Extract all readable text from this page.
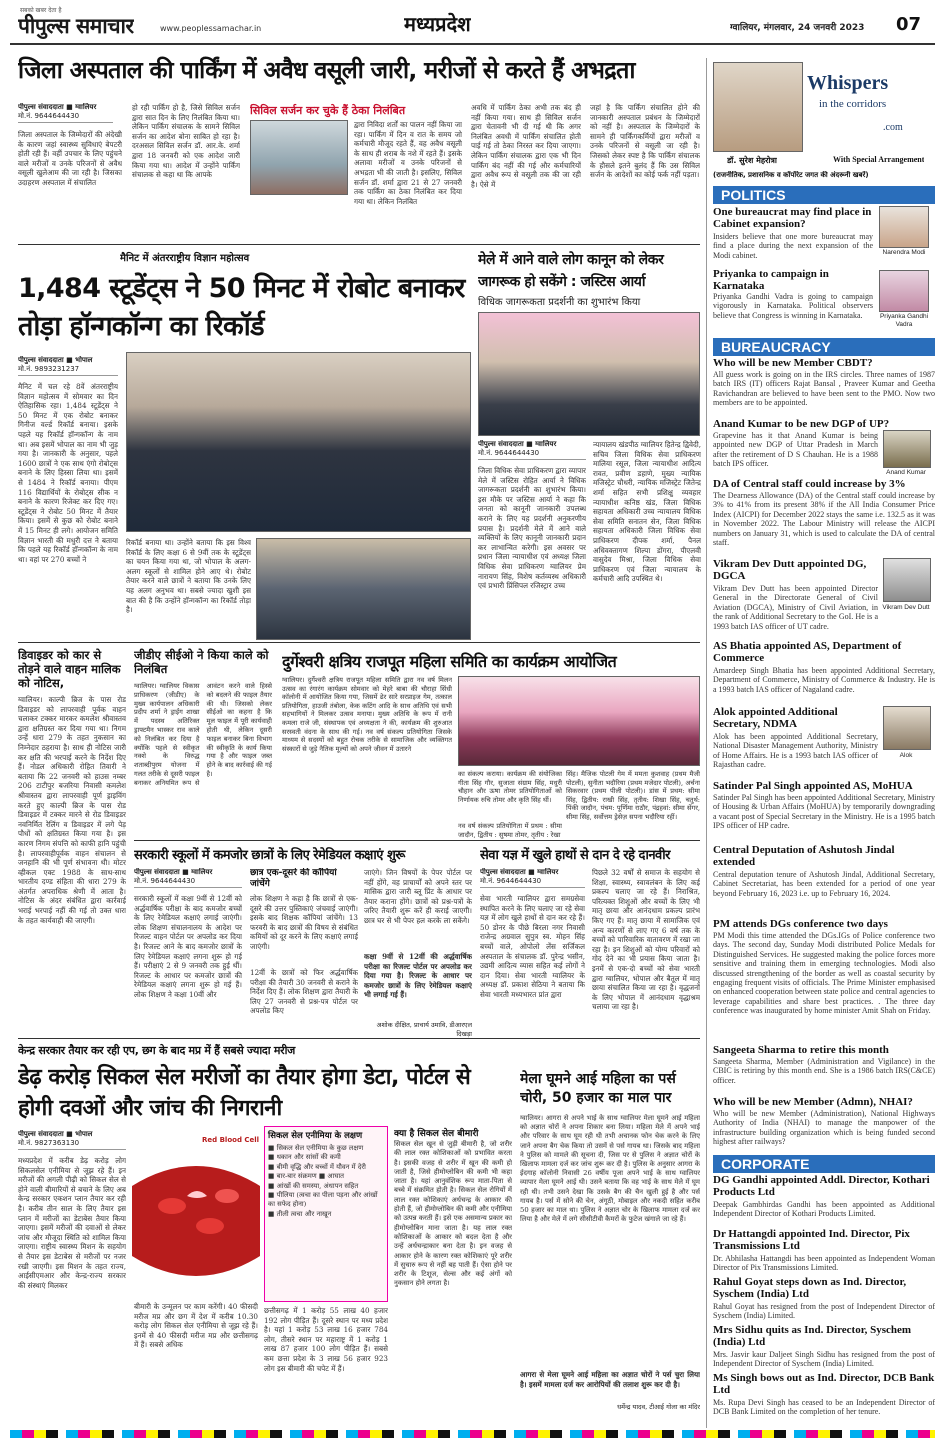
सबको खबर देता है
पीपुल्स समाचार	www.peoplessamachar.in	मध्यप्रदेश	ग्वालियर, मंगलवार, 24 जनवरी 2023 07
जिला अस्पताल की पार्किंग में अवैध वसूली जारी, मरीजों से करते हैं अभद्रता
पीपुल्स संवाददाता ■ ग्वालियर
मो.नं. 9644644430
जिला अस्पताल के जिम्मेदारों की अंदेखी के कारण जहां स्वास्थ्य सुविधाएं बेपटरी होती रही हैं। वहीं उपचार के लिए पहुंचने वाले मरीजों व उनके परिजनों से अवैध वसूली खुलेआम की जा रही है। जिसका उदाहरण अस्पताल में संचालित
हो रही पार्किंग हो है, जिसे सिविल सर्जन द्वारा सात दिन के लिए निलंबित किया था। लेकिन पार्किंग संचालक के सामने सिविल सर्जन का आदेश बोना साबित हो रहा है। दरअसल सिविल सर्जन डॉ. आर.के. शर्मा द्वारा 18 जनवरी को एक आदेश जारी किया गया था। आदेश में उन्होंने पार्किंग संचालक से कहा था कि आपके
सिविल सर्जन कर चुके हैं ठेका निलंबित
द्वारा निविदा शर्तों का पालन नहीं किया जा रहा। पार्किंग में दिन व रात के समय जो कर्मचारी मौजूद रहते हैं, वह अवैध वसूली के साथ ही शराब के नशे में रहते हैं। इसके अलावा मरीजों व उनके परिजनों से अभद्रता भी की जाती है। इसलिए, सिविल सर्जन डॉ. शर्मा द्वारा 21 से 27 जनवरी तक पार्किंग का ठेका निलंबित कर दिया गया था। लेकिन निलंबित
अवधि में पार्किंग ठेका अभी तक बंद ही नहीं किया गया। साथ ही सिविल सर्जन द्वारा चेतावनी भी दी गई थी कि अगर निलंबित अवधी में पार्किंग संचालित होती पाई गई तो ठेका निरस्त कर दिया जाएगा। लेकिन पार्किंग संचालक द्वारा एक भी दिन पार्किंग बंद नहीं की गई और कर्मचारियों द्वारा अवैध रूप से वसूली तक की जा रही है। ऐसे में
जहां है कि पार्किंग संचालित होने की जानकारी अस्पताल प्रबंधन के जिम्मेदारों को नहीं है। अस्पताल के जिम्मेदारों के सामने ही पार्किंगकर्मियों द्वारा मरीजों व उनके परिजनों से वसूली जा रही है। जिसको लेकर स्पष्ट है कि पार्किंग संचालक के हौसले इतने बुलंद हैं कि उस सिविल सर्जन के आदेशों का कोई फर्क नहीं पड़ता।
मैनिट में अंतरराष्ट्रीय विज्ञान महोत्सव
1,484 स्टूडेंट्स ने 50 मिनट में रोबोट बनाकर तोड़ा हॉन्गकॉन्ग का रिकॉर्ड
पीपुल्स संवाददाता ■ भोपाल
मो.नं. 9893231237
मैनिट में चल रहे 8वें अंतरराष्ट्रीय विज्ञान महोत्सव में सोमवार का दिन ऐतिहासिक रहा। 1,484 स्टूडेंट्स ने 50 मिनट में एक रोबोट बनाकर गिनीज वर्ल्ड रिकॉर्ड बनाया। इसके पहले यह रिकॉर्ड हॉन्गकॉन्ग के नाम था। अब इसमें भोपाल का नाम भी जुड़ गया है। जानकारी के अनुसार, पहले 1600 छात्रों ने एक साथ एंगो रोबोट्स बनाने के लिए हिस्सा लिया था। इसमें से 1484 ने रिकॉर्ड बनाया। पीएम 116 विद्यार्थियों के रोबोट्स सीक न बनाने के कारण रिजेक्ट कर दिए गए। स्टूडेंट्स ने रोबोट 50 मिनट में तैयार किया। इसमें से कुछ को रोबोट बनाने में 15 मिनट ही लगे। आयोजन समिति विज्ञान भारती की मधुरी दत्त ने बताया कि पहले यह रिकॉर्ड हॉन्गकॉन्ग के नाम था। वहां पर 270 बच्चों ने
रिकॉर्ड बनाया था। उन्होंने बताया कि इस विश्व रिकॉर्ड के लिए कक्षा 6 से 9वीं तक के स्टूडेंट्स का चयन किया गया था, जो भोपाल के अलग-अलग स्कूलों से शामिल होने आए थे। रोबोट तैयार करने वाले छात्रों ने बताया कि उनके लिए यह अलग अनुभव था। सबसे ज्यादा खुशी इस बात की है कि उन्होंने हॉन्गकॉन्ग का रिकॉर्ड तोड़ा है।
मेले में आने वाले लोग कानून को लेकर
जागरूक हो सकेंगे : जस्टिस आर्या
विधिक जागरूकता प्रदर्शनी का शुभारंभ किया
पीपुल्स संवाददाता ■ ग्वालियर
मो.नं. 9644644430
जिला विधिक सेवा प्राधिकरण द्वारा व्यापार मेले में जस्टिस रोहित आर्या ने विधिक जागरूकता प्रदर्शनी का शुभारंभ किया। इस मौके पर जस्टिस आर्या ने कहा कि जनता को कानूनी जानकारी उपलब्ध कराने के लिए यह प्रदर्शनी अनुकरणीय प्रयास है। प्रदर्शनी मेले में आने वाले व्यक्तियों के लिए कानूनी जानकारी प्रदान कर लाभान्वित करेगी। इस अवसर पर प्रधान जिला न्यायाधीश एवं अध्यक्ष जिला विधिक सेवा प्राधिकरण ग्वालियर प्रेम नारायण सिंह, विशेष कर्तव्यस्थ अधिकारी एवं प्रभारी प्रिंसिपल रजिस्ट्रार उच्च
न्यायालय खंडपीठ ग्वालियर हितेन्द्र द्विवेदी, सचिव जिला विधिक सेवा प्राधिकरण मालिया रसूल, जिला न्यायाधीश आदित्य रावत, प्रवीण डहाणे, मुख्य न्यायिक मजिस्ट्रेट चौधरी, न्यायिक मजिस्ट्रेट जितेन्द्र शर्मा सहित सभी प्रशिक्षु व्यवहार न्यायाधीश कनिष्ठ खंड, जिला विधिक सहायता अधिकारी उच्च न्यायालय विधिक सेवा समिति सनातन सेन, जिला विधिक सहायता अधिकारी जिला विधिक सेवा प्राधिकरण दीपक शर्मा, पैनल अधिवक्तागण शिल्पा डोंगरा, पीएलवी वासुदेव मिश्रा, जिला विधिक सेवा प्राधिकरण एवं जिला न्यायालय के कर्मचारी आदि उपस्थित थे।
डिवाइडर को कार से तोड़ने वाले वाहन मालिक को नोटिस,
ग्वालियर। काल्पी ब्रिज के पास रोड डिवाइडर को लापरवाही पूर्वक वाहन चलाकर टक्कर मारकर कमलेश श्रीवास्तव द्वारा क्षतिग्रस्त कर दिया गया था। निगम उन्हें धारा 279 के तहत नुकसान का निम्नेदार ठहराया है। साथ ही नोटिस जारी कर क्षति की भरपाई करने के निर्देश दिए हैं। नोडल अधिकारी रोहित तिवारी ने बताया कि 22 जनवरी को हाउस नम्बर 206 टाटीपुर बजरिया निवासी कमलेश श्रीवास्तव द्वारा लापरवाही पूर्ण ड्राइविंग करते हुए काल्पी ब्रिज के पास रोड डिवाइडर में टक्कर मारने से रोड डिवाइडर नवनिर्मित रेलिंग व डिवाइडर में लगे पेड़ पौधों को क्षतिग्रस्त किया गया है। इस कारण निगम संपत्ति को काफी हानि पहुंची है। लापरवाहीपूर्वक वाहन संचालन से जनहानि की भी पूर्ण संभावना थी। मोटर व्हीकल एक्ट 1988 के साथ-साथ भारतीय दण्ड संहिता की धारा 279 के अंतर्गत अपराधिक श्रेणी में आता है। नोटिस के अंदर संबंधित द्वारा कार्रवाई भराई भरपाई नहीं की गई तो उक्त धारा के तहत कार्यवाही की जाएगी।
जीडीए सीईओ ने किया काले को निलंबित
ग्वालियर। ग्वालियर विकास प्राधिकरण (जीडीए) के मुख्य कार्यपालन अधिकारी प्रदीप शर्मा ने ड्राईंग शाखा में पदस्थ अतिरिक्त ड्राफ्टमैन भास्कर राव काले को निलंबित कर दिया है क्योंकि पहले से स्वीकृत नक्शे के विरुद्ध शताब्दीपुरम योजना में गलत तरीके से दूसरी फाइल बनाकर अनियमित रूप से आवंटन करने वाले हिस्से को बदलने की फाइल तैयार की थी। जिसको लेकर सीईओ का कहना है कि मूल फाइल में पूरी कार्यवाही होती थी, लेकिन दूसरी फाइल बनाकर बिना विभाग की स्वीकृति के कार्य किया गया है और फाइल जब्त होने के बाद कार्रवाई की गई है।
दुर्गेश्वरी क्षत्रिय राजपूत महिला समिति का कार्यक्रम आयोजित
ग्वालियर। दुर्गेश्वरी क्षत्रिय राजपूत महिला समिति द्वारा नव वर्ष मिलन उत्सव का रंगारंग कार्यक्रम सोमवार को मेहरे बाबा की चौराहा सिंधी कॉलोनी में आयोजित किया गया, जिसमें ढेर सारे सरप्राइज गेम, तत्काल प्रतियोगिता, हाउजी तंबोला, केक कटिंग आदि के साथ अतिथि एवं सभी सहभागियों ने मिलकर उत्सव मनाया। मुख्य अतिथि के रूप में रानी कमला राजे जी, संस्थापक एवं अध्यक्षता ने की, कार्यक्रम की शुरुआत सरस्वती वंदना के साथ की गई। नव वर्ष संकल्प प्रतियोगिता जिसके माध्यम से सदस्यों को बहुत रोचक तरीके से सामाजिक और व्यक्तिगत संस्कारों से जुड़े नैतिक मूल्यों को अपने जीवन में उतारने
का संकल्प कराया। कार्यक्रम की संयोजिका गीता सिंह गौर, सुजाता संग्राम सिंह, मधुरी चौहान और ऊषा तोमर प्रतियोगिताओं को निर्णायक रुचि तोमर और कृति सिंह थीं।
सिंह। मैजिक पोटली गेम में ममता कुशवाह (प्रथम मैजी पोटली), सुनीता भदौरिया (प्रथम मजेदार पोटली), अर्चना सिकरवार (प्रथम पीली पोटली)। डांस में प्रथम: सीमा सिंह, द्वितीय: राखी सिंह, तृतीय: शिखा सिंह, चतुर्थ: पिंकी जादौन, पंचम: पूर्णिमा राठौर, पंद्रहवां: सीमा सेंगर, सीमा सिंह, सर्वोत्तम ड्रेसेज़ सपना भदौरिया रहीं।
नव वर्ष संकल्प प्रतियोगिता में प्रथम : सीमा जादौन, द्वितीय : सुषमा तोमर, तृतीय : रेखा
सरकारी स्कूलों में कमजोर छात्रों के लिए रेमेडियल कक्षाएं शुरू
पीपुल्स संवाददाता ■ ग्वालियर
मो.नं. 9644644430
सरकारी स्कूलों में कक्षा 9वीं से 12वीं को अर्द्धवार्षिक परीक्षा के बाद कमजोर बच्चों के लिए रेमेडियल कक्षाएं लगाई जाएंगी। लोक शिक्षण संचालनालय के आदेश पर रिजल्ट वाहन पोर्टल पर अपलोड कर दिया है। रिजल्ट आने के बाद कमजोर छात्रों के लिए रेमेडियल कक्षाएं लगना शुरू हो गई हैं। परीक्षाएं 2 से 9 जनवरी तक हुई थीं। रिजल्ट के आधार पर कमजोर छात्रों की रेमेडियल कक्षाएं लगना शुरू हो गई हैं। लोक शिक्षण ने कक्षा 10वीं और
छात्र एक-दूसरे की कॉपियां जांचेंगे
लोक शिक्षण ने कहा है कि छात्रों से एक-दूसरे की उत्तर पुस्तिकाएं जंचवाई जाएंगी। इसके बाद शिक्षक कॉपियां जांचेंगे। 13 फरवरी के बाद छात्रों की विषय से संबंधित कमियों को दूर करने के लिए कक्षाएं लगाई जाएंगी।
12वीं के छात्रों को फिर अर्द्धवार्षिक परीक्षा की तैयारी 30 जनवरी से कराने के निर्देश दिए हैं। लोक शिक्षण द्वारा तैयारी के लिए 27 जनवरी से प्रश्न-पत्र पोर्टल पर अपलोड किए
जाएंगे। जिन विषयों के पेपर पोर्टल पर नहीं होंगे, वह प्राचार्यों को अपने स्तर पर मासिक द्वारा जारी ब्लू प्रिंट के आधार पर तैयार कराना होंगे। छात्रों को प्रश्न-पत्रों के जरिए तैयारी शुरू करें ही कराई जाएगी। छात्र घर से भी पेपर हल करके ला सकेंगे।
कक्षा 9वीं से 12वीं की अर्द्धवार्षिक परीक्षा का रिजल्ट पोर्टल पर अपलोड कर दिया गया है। रिजल्ट के आधार पर कमजोर छात्रों के लिए रेमेडियल कक्षाएं भी लगाई गई हैं।
अशोक दीक्षित, प्राचार्य उमावि, डीआरएल दिखड़ा
सेवा यज्ञ में खुले हाथों से दान दे रहे दानवीर
पीपुल्स संवाददाता ■ ग्वालियर
मो.नं. 9644644430
सेवा भारती ग्वालियर द्वारा समग्रसेवा स्थापित करने के लिए चलाए जा रहे सेवा यज्ञ में लोग खुले हाथों से दान कर रहे हैं। 50 डोनर के पीछे बिरला नगर निवासी राजेन्द्र अग्रवाल सुपुत्र स्व. मोहन सिंह बच्चों वाले, ओपोलो लेंस सर्जिकल अस्पताल के संचालक डॉ. पुरेन्द्र भसीन, उद्यमी आदित्य व्यास सहित कई लोगों ने दान दिया। सेवा भारती ग्वालियर के अध्यक्ष डॉ. प्रकाश सेठिया ने बताया कि सेवा भारती मध्यभारत प्रांत द्वारा
पिछले 32 वर्षों से समाज के सहयोग से शिक्षा, स्वास्थ्य, स्वावलंबन के लिए कई प्रकल्प चलाए जा रहे हैं। निराश्रित, परित्यक्त शिशुओं और बच्चों के लिए भी मातृ छाया और आनंदधाम प्रकल्प प्रारंभ किए गए हैं। मातृ छाया में सामाजिक एवं अन्य कारणों से लाए गए 6 वर्ष तक के बच्चों को पारिवारिक वातावरण में रखा जा रहा है। इन शिशुओं को योग्य परिवारों को गोद देने का भी प्रयास किया जाता है। इनमें से एक-दो बच्चों को सेवा भारती द्वारा ग्वालियर, भोपाल और बैतूल में मातृ छाया संचालित किया जा रहा है। वृद्धजनों के लिए भोपाल में आनंदधाम वृद्धाश्रम चलाया जा रहा है।
केन्द्र सरकार तैयार कर रही एप, छग के बाद मप्र में हैं सबसे ज्यादा मरीज
डेढ़ करोड़ सिकल सेल मरीजों का तैयार होगा डेटा, पोर्टल से होगी दवओं और जांच की निगरानी
पीपुल्स संवाददाता ■ भोपाल
मो.नं. 9827363130
मध्यप्रदेश में करीब डेढ़ करोड़ लोग सिकलसेल एनीमिया से जूझ रहे हैं। इन मरीजों की अगली पीढ़ी को सिकल सेल से होने वाली बीमारियों से बचाने के लिए अब केन्द्र सरकार एकशन प्लान तैयार कर रही है। करीब तीन साल के लिए तैयार इस प्लान में मरीजों का डेटाबेस तैयार किया जाएगा। इसमें मरीजों की दवाओं से लेकर जांच और मौजूदा स्थिति को शामिल किया जाएगा। राष्ट्रीय स्वास्थ्य मिशन के सहयोग से तैयार इस डेटाबेस से मरीजों पर नजर रखी जाएगी। इस मिशन के तहत राज्य, आईसीएमआर और केन्द्र-राज्य सरकार की संस्थाएं मिलकर
Red Blood Cell
बीमारी के उन्मूलन पर काम करेंगी। 40 फीसदी मरीज मप्र और छग में देश में करीब 10.30 करोड़ लोग सिकल सेल एनीमिया से जूझ रहे हैं। इनमें से 40 फीसदी मरीज मप्र और छत्तीसगढ़ में हैं। सबसे अधिक
सिकल सेल एनीमिया के लक्षण
■ सिकल सेल एनीमिया के कुछ लक्षण
■ थकान और सांसों की कमी
■ बीमी वृद्धि और बच्चों में यौवन में देरी
■ बार-बार संक्रमण ■ आघात
■ आंखों की समस्या, अंधापन सहित
■ पीलिया (त्वचा का पीला पड़ना और आंखों का सफेद होना)
■ तीली त्वचा और नाखून
छत्तीसगढ़ में 1 करोड़ 55 लाख 40 हजार 192 लोग पीड़ित हैं। दूसरे स्थान पर मध्य प्रदेश है। यहां 1 करोड़ 53 लाख 16 हजार 784 लोग, तीसरे स्थान पर महाराष्ट्र में 1 करोड़ 1 लाख 87 हजार 100 लोग पीड़ित हैं। सबसे कम छत्ता प्रदेश के 3 लाख 56 हजार 923 लोग इस बीमारी की चपेट में हैं।
क्या है सिकल सेल बीमारी
सिकल सेल खून से जुड़ी बीमारी है, जो शरीर की लाल रक्त कोशिकाओं को प्रभावित करता है। इसकी वजह से शरीर में खून की कमी हो जाती है, जिसे हीमोग्लोबिन की कमी भी कहा जाता है। यहां आनुवंशिक रूप माता-पिता से बच्चे में संक्रमित होती है। सिकल सेल रोगियों में लाल रक्त कोशिकाएं अर्धचन्द्र के आकार की होती हैं, जो हीमोग्लोबिन की कमी और एनीमिया को उत्पन्न करती हैं। इसे एक असमान्य प्रकार का हीमोग्लोबिन माना जाता है। यह लाल रक्त कोशिकाओं के आकार को बदल देता है और उन्हें अर्धचन्द्राकार बना देता है। इन वजह से आकार होने के कारण रक्त कोशिकाएं पूरे शरीर में सुचारु रूप से नहीं बह पाती हैं। ऐसा होने पर शरीर के टिशूज, सेल्स और कई अंगों को नुकसान होने लगता है।
मेला घूमने आई महिला का पर्स चोरी, 50 हजार का माल पार
ग्वालियर। आगरा से अपने भाई के साथ ग्वालियर मेला घूमने आई महिला को अज्ञात चोरों ने अपना शिकार बना लिया। महिला मेले में अपने भाई और परिवार के साथ घूम रही थी तभी अचानक फोन चेक करने के लिए जाने अपना बैग चेक किया तो उसमें से पर्स गायब था। जिसके बाद महिला ने पुलिस को मामले की सूचना दी, जिस पर से पुलिस ने अज्ञात चोरों के खिलाफ मामला दर्ज कर जांच शुरू कर दी है। पुलिस के अनुसार आगरा के ईदगाह कॉलोनी निवासी 26 वर्षीय पूजा अपने भाई के साथ ग्वालियर व्यापार मेला घूमने आई थी। उसने बताया कि वह भाई के साथ मेले में घूम रही थी। तभी उसने देखा कि उसके बैग की चैन खुली हुई है और पर्स गायब है। पर्स में सोने की चेन, अंगूठी, मोबाइल और नकदी सहित करीब 50 हजार का माल था। पुलिस ने अज्ञात चोर के खिलाफ मामला दर्ज कर लिया है और मेले में लगे सीसीटीवी कैमरों के फुटेज खंगाले जा रहे हैं।
आगरा से मेला घूमने आई महिला का अज्ञात चोरों ने पर्स चुरा लिया है। इसमें मामला दर्ज कर आरोपियों की तलाश शुरू कर दी है।
धर्मेन्द्र यादव, टीआई गोला का मंदिर
Whispers
in the corridors
.com
डॉ. सुरेश मेहरोत्रा	With Special Arrangement
(राजनीतिक, प्रशासनिक व कॉर्पोरेट जगत की अंदरूनी खबरें)
POLITICS
One bureaucrat may find place in Cabinet expansion?
Insiders believe that one more bureaucrat may find a place during the next expansion of the Modi cabinet.	Narendra Modi
Priyanka to campaign in Karnataka
Priyanka Gandhi Vadra is going to campaign vigorously in Karnataka. Political observers believe that Congress is winning in Karnataka.	Priyanka Gandhi Vadra
BUREAUCRACY
Who will be new Member CBDT?
All guess work is going on in the IRS circles. Three names of 1987 batch IRS (IT) officers Rajat Bansal , Praveer Kumar and Geetha Ravichandran are believed to have been sent to the PMO. Now two members are to be appointed.
Anand Kumar to be new DGP of UP?
Grapevine has it that Anand Kumar is being appointed new DGP of Uttar Pradesh in March after the retirement of D S Chauhan. He is a 1988 batch IPS officer.
Anand Kumar
DA of Central staff could increase by 3%
The Dearness Allowance (DA) of the Central staff could increase by 3% to 41% from its present 38% if the All India Consumer Price Index (AICPI) for December 2022 stays the same i.e. 132.5 as it was in November 2022. The Labour Ministry will release the AICPI numbers on January 31, which is used to calculate the DA of central staff.
Vikram Dev Dutt appointed DG, DGCA
Vikram Dev Dutt has been appointed Director General in the Directorate General of Civil Aviation (DGCA), Ministry of Civil Aviation, in the rank of Additional Secretary to the GoI. He is a 1993 batch IAS officer of UT cadre.
Vikram Dev Dutt
AS Bhatia appointed AS, Department of Commerce
Amardeep Singh Bhatia has been appointed Additional Secretary, Department of Commerce, Ministry of Commerce & Industry. He is a 1993 batch IAS officer of Nagaland cadre.
Alok appointed Additional Secretary, NDMA
Alok has been appointed Additional Secretary, National Disaster Management Authority, Ministry of Home Affairs. He is a 1993 batch IAS officer of Rajasthan cadre.
Alok
Satinder Pal Singh appointed AS, MoHUA
Satinder Pal Singh has been appointed Additional Secretary, Ministry of Housing & Urban Affairs (MoHUA) by temporarily downgrading a vacant post of Special Secretary in the Ministry. He is a 1995 batch IPS officer of HP cadre.
Central Deputation of Ashutosh Jindal extended
Central deputation tenure of Ashutosh Jindal, Additional Secretary, Cabinet Secretariat, has been extended for a period of one year beyond February 16, 2023 i.e. up to February 16, 2024.
PM attends DGs conference two days
PM Modi this time attended the DGs.IGs of Police conference two days. The second day, Sunday Modi distributed Police Medals for Distinguished Services. He suggested making the police forces more sensitive and training them in emerging technologies. Modi also discussed strengthening of the border as well as coastal security by engaging frequent visits of officials. The Prime Minister emphasised on enhanced cooperation between state police and central agencies to leverage capabilities and share best practices. . The three day conference was inaugurated by home minister Amit Shah on Friday.
Sangeeta Sharma to retire this month
Sangeeta Sharma, Member (Administration and Vigilance) in the CBIC is retiring by this month end. She is a 1986 batch IRS(C&CE) officer.
Who will be new Member (Admn), NHAI?
Who will be new Member (Administration), National Highways Authority of India (NHAI) to manage the manpower of the infrastructure building organization which is being funded second highest after railways?
CORPORATE
DG Gandhi appointed Addl. Director, Kothari Products Ltd
Deepak Gambhirdas Gandhi has been appointed as Additional Independent Director of Kothari Products Limited.
Dr Hattangdi appointed Ind. Director, Pix Transmissions Ltd
Dr. Abhilasha Hattangdi has been appointed as Independent Woman Director of Pix Transmissions Limited.
Rahul Goyat steps down as Ind. Director, Syschem (India) Ltd
Rahul Goyat has resigned from the post of Independent Director of Syschem (India) Limited.
Mrs Sidhu quits as Ind. Director, Syschem (India) Ltd
Mrs. Jasvir kaur Daljeet Singh Sidhu has resigned from the post of Independent Director of Syschem (India) Limited.
Ms Singh bows out as Ind. Director, DCB Bank Ltd
Ms. Rupa Devi Singh has ceased to be an Independent Director of DCB Bank Limited on the completion of her tenure.
